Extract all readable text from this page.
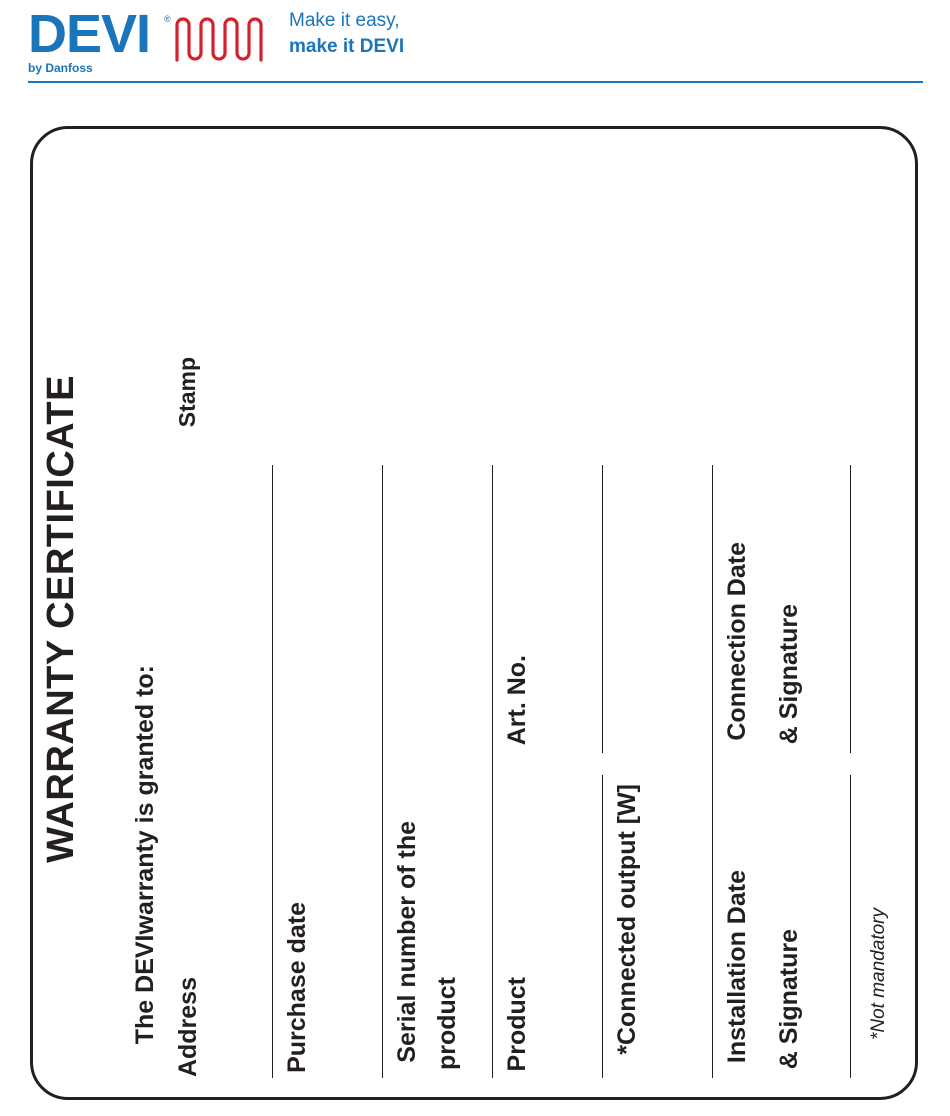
DEVI ®
by Danfoss
Make it easy,
make it DEVI
WARRANTY CERTIFICATE
The DEVIwarranty is granted to:
Address
Stamp
Purchase date	Serial number of the product Product
Art. No.
*Connected output [W]	Installation Date & Signature
Connection Date & Signature
*Not mandatory
